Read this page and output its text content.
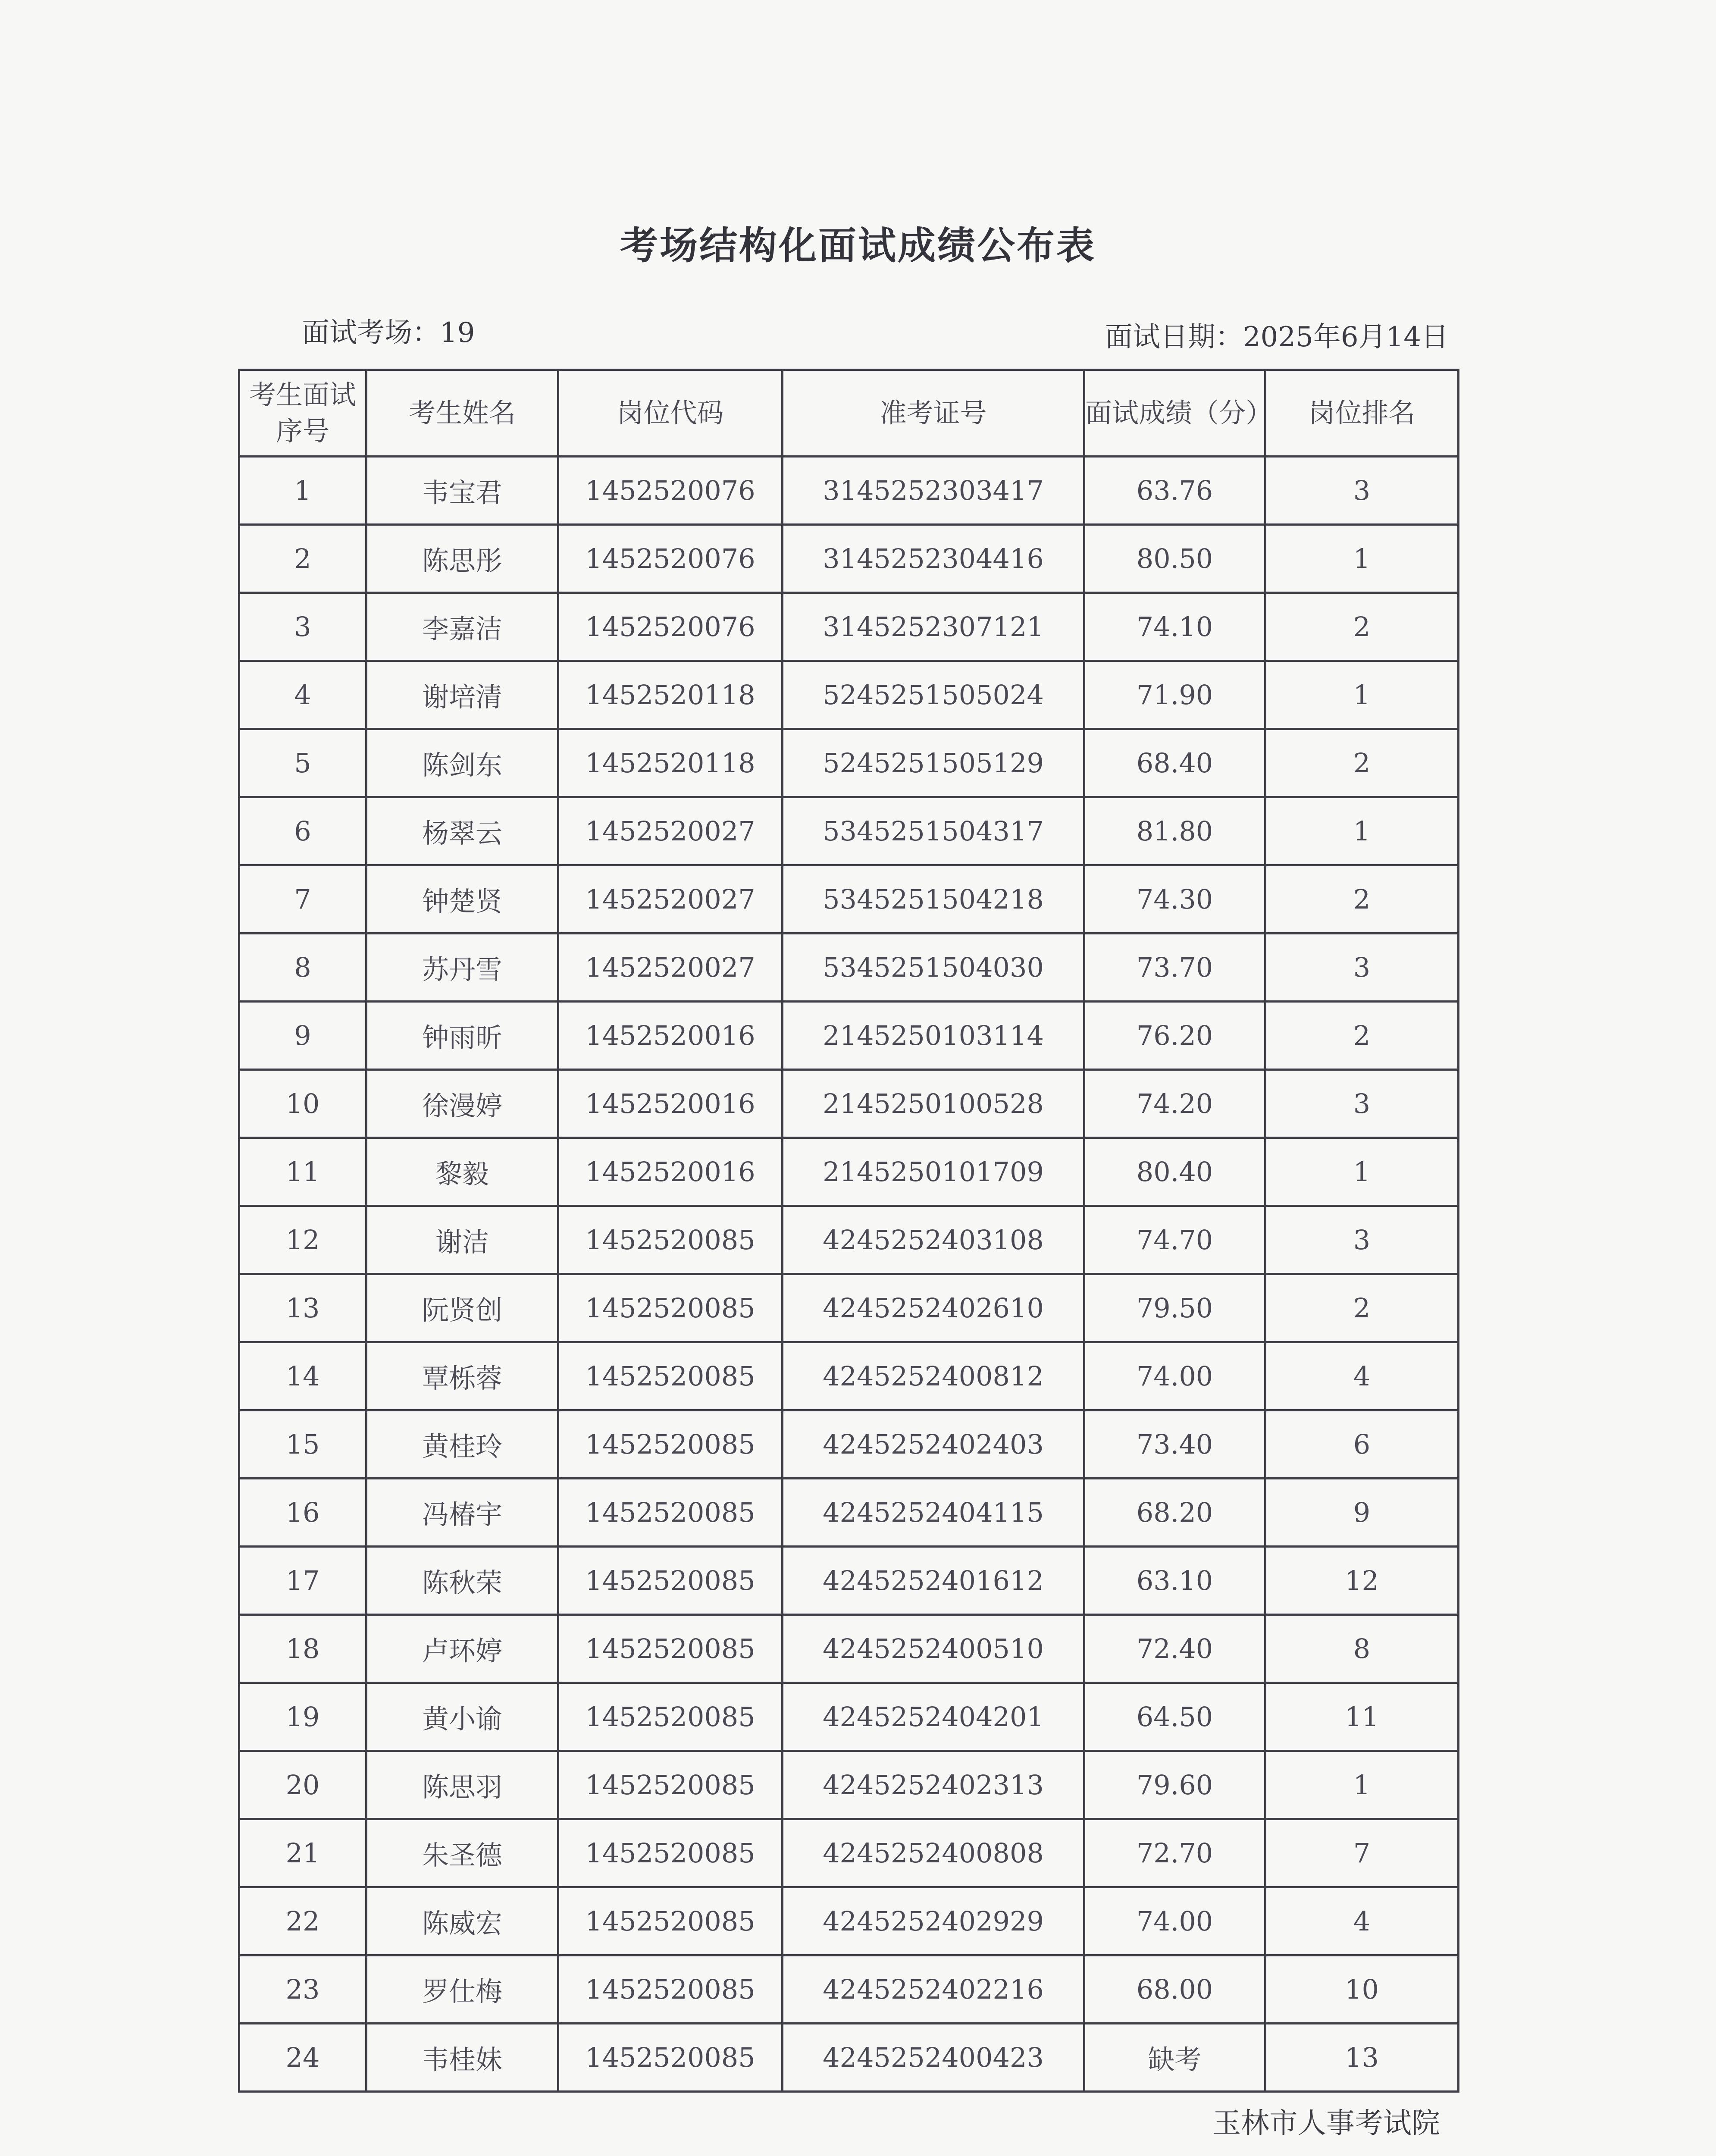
考场结构化面试成绩公布表
面试考场：19	面试日期：2025年6月14日
考生面试序号	考生姓名	岗位代码	准考证号	面试成绩（分）	岗位排名
1	韦宝君	1452520076	3145252303417	63.76	3
2	陈思彤	1452520076	3145252304416	80.50	1
3	李嘉洁	1452520076	3145252307121	74.10	2
4	谢培清	1452520118	5245251505024	71.90	1
5	陈剑东	1452520118	5245251505129	68.40	2
6	杨翠云	1452520027	5345251504317	81.80	1
7	钟楚贤	1452520027	5345251504218	74.30	2
8	苏丹雪	1452520027	5345251504030	73.70	3
9	钟雨昕	1452520016	2145250103114	76.20	2
10	徐漫婷	1452520016	2145250100528	74.20	3
11	黎毅	1452520016	2145250101709	80.40	1
12	谢洁	1452520085	4245252403108	74.70	3
13	阮贤创	1452520085	4245252402610	79.50	2
14	覃栎蓉	1452520085	4245252400812	74.00	4
15	黄桂玲	1452520085	4245252402403	73.40	6
16	冯椿宇	1452520085	4245252404115	68.20	9
17	陈秋荣	1452520085	4245252401612	63.10	12
18	卢环婷	1452520085	4245252400510	72.40	8
19	黄小谕	1452520085	4245252404201	64.50	11
20	陈思羽	1452520085	4245252402313	79.60	1
21	朱圣德	1452520085	4245252400808	72.70	7
22	陈威宏	1452520085	4245252402929	74.00	4
23	罗仕梅	1452520085	4245252402216	68.00	10
24	韦桂妹	1452520085	4245252400423	缺考	13
玉林市人事考试院
